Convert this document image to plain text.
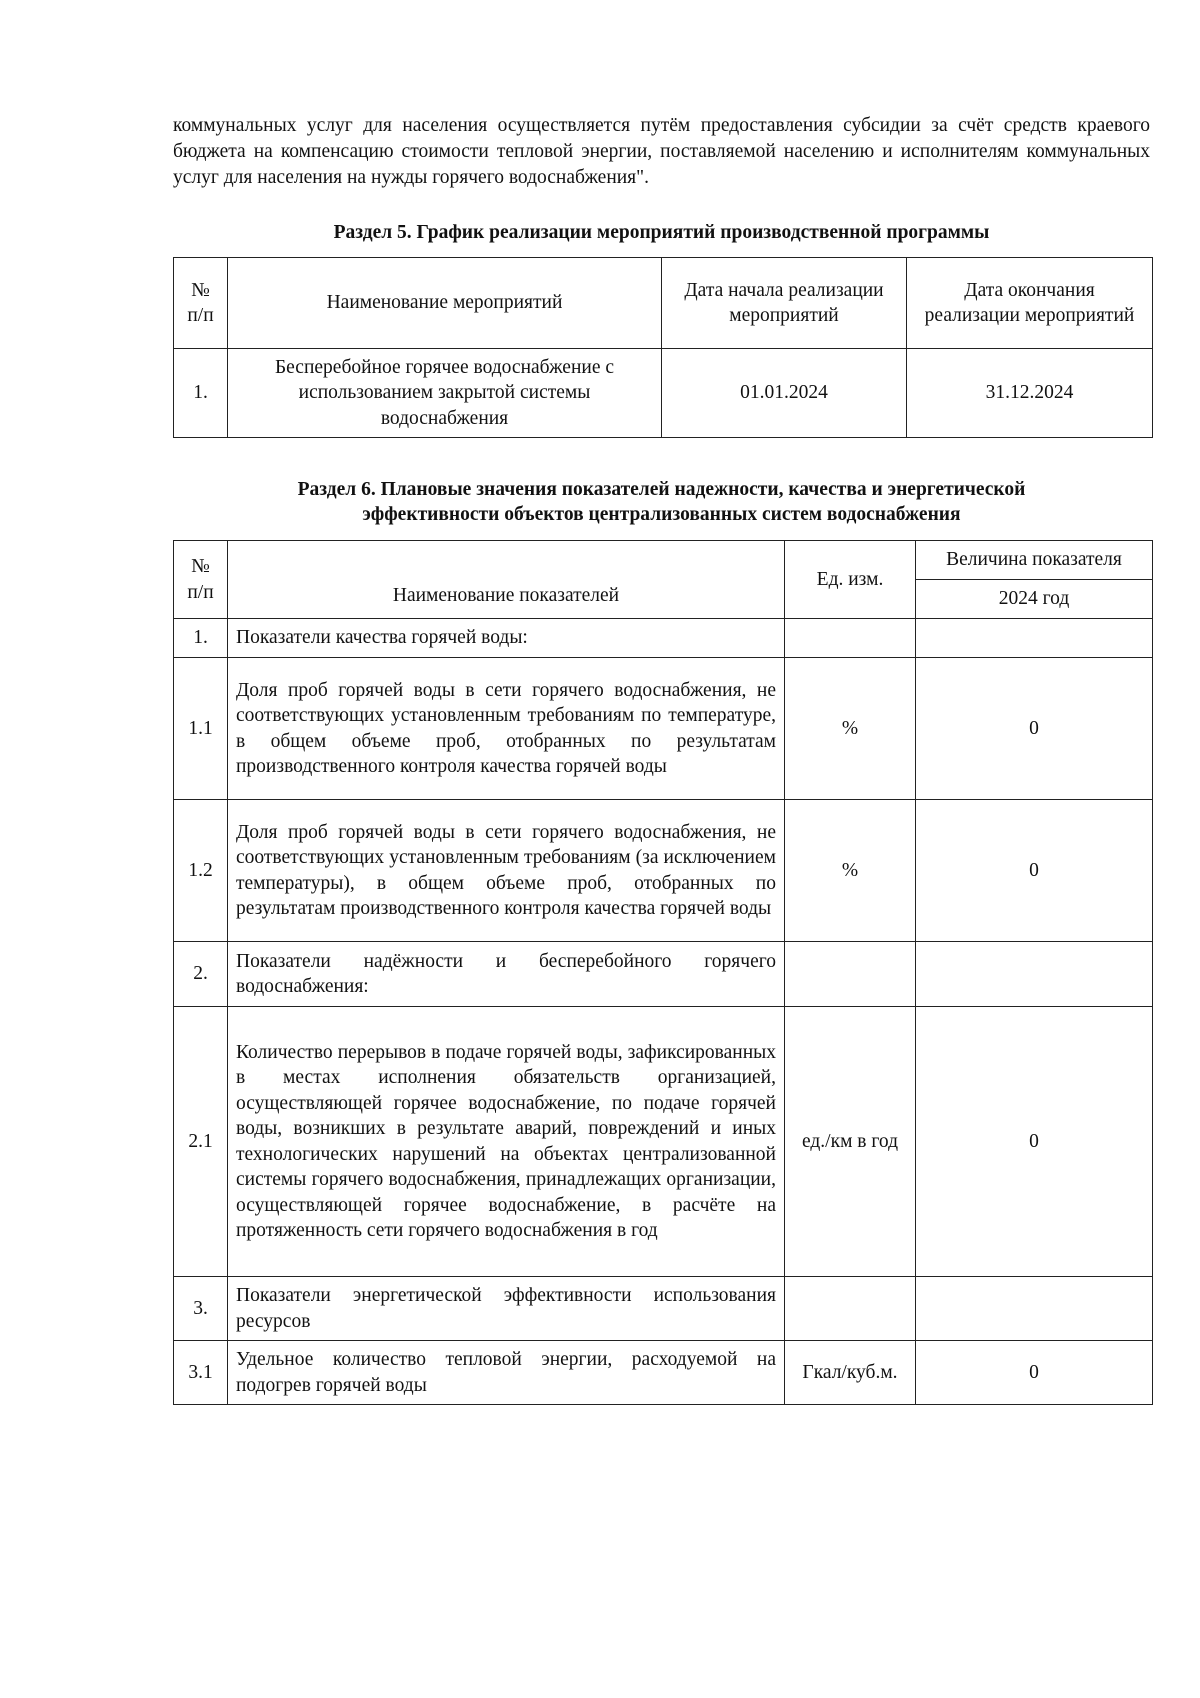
коммунальных услуг для населения осуществляется путём предоставления субсидии за счёт средств краевого бюджета на компенсацию стоимости тепловой энергии, поставляемой населению и исполнителям коммунальных услуг для населения на нужды горячего водоснабжения".
Раздел 5. График реализации мероприятий производственной программы
№ п/п	Наименование мероприятий	Дата начала реализации мероприятий	Дата окончания реализации мероприятий
1.	Бесперебойное горячее водоснабжение с использованием закрытой системы водоснабжения	01.01.2024	31.12.2024
Раздел 6. Плановые значения показателей надежности, качества и энергетической
эффективности объектов централизованных систем водоснабжения
№ п/п	Наименование показателей	Ед. изм.	Величина показателя
			2024 год
1.	Показатели качества горячей воды:		
1.1	Доля проб горячей воды в сети горячего водоснабжения, не соответствующих установленным требованиям по температуре, в общем объеме проб, отобранных по результатам производственного контроля качества горячей воды	%	0
1.2	Доля проб горячей воды в сети горячего водоснабжения, не соответствующих установленным требованиям (за исключением температуры), в общем объеме проб, отобранных по результатам производственного контроля качества горячей воды	%	0
2.	Показатели надёжности и бесперебойного горячего водоснабжения:		
2.1	Количество перерывов в подаче горячей воды, зафиксированных в местах исполнения обязательств организацией, осуществляющей горячее водоснабжение, по подаче горячей воды, возникших в результате аварий, повреждений и иных технологических нарушений на объектах централизованной системы горячего водоснабжения, принадлежащих организации, осуществляющей горячее водоснабжение, в расчёте на протяженность сети горячего водоснабжения в год	ед./км в год	0
3.	Показатели энергетической эффективности использования ресурсов		
3.1	Удельное количество тепловой энергии, расходуемой на подогрев горячей воды	Гкал/куб.м.	0
